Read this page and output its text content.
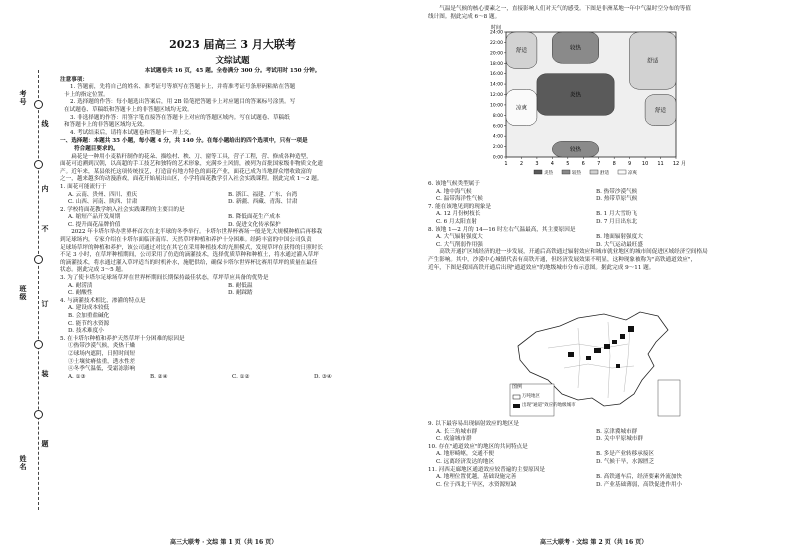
考号
班级
姓名
线
内
不
订
装
题
2023 届高三 3 月大联考
文综试题
本试题卷共 16 页，45 题。全卷满分 300 分。考试用时 150 分钟。
注意事项：
1. 答题前，先将自己的姓名、准考证号等填写在答题卡上，并将准考证号条形码粘贴在答题
卡上的指定位置。
2. 选择题的作答：每小题选出答案后，用 2B 铅笔把答题卡上对应题目的答案标号涂黑。写
在试题卷、草稿纸和答题卡上的非答题区域均无效。
3. 非选择题的作答：用签字笔直接答在答题卡上对应的答题区域内。写在试题卷、草稿纸
和答题卡上的非答题区域均无效。
4. 考试结束后，请将本试题卷和答题卡一并上交。
一、选择题：本题共 35 小题，每小题 4 分，共 140 分。在每小题给出的四个选项中，只有一项是
符合题目要求的。
　　扁花是一种用小麦秸秆制作的花朵、描绘村、秧、刀、窗等工具，营子工程，营、修成各种造型，
面花可追溯到汉朝，以高超的手工技艺和独特的艺术形象，充满乡土风情，被列为首批国家级非物质文化遗
产。近年来，某县依托这项传统技艺，打造富有地方特色的面花产业，面花已成为当地群众增收致富的
之一，越来越多的动漫游戏，面花开始展出山区，小学将面花教学引入社会实践课程。据此完成 1～2 题。
1. 面花可能流行于
A. 云南、贵州、四川、重庆	B. 浙江、福建、广东、台湾
C. 山西、河南、陕西、甘肃	D. 新疆、西藏、青海、甘肃
2. 学校将面花教学纳入社会实践课程的主要目的是
A. 缩短产品开发周期	B. 降低面花生产成本
C. 提升面花品牌价值	D. 促进文化传承保护
　　2022 年卡塔尔举办世界杯首次在北半球的冬季举行。卡塔尔世界杯赛场一般是先大规模种植后再移栽
到足球场内，专家介绍在卡塔尔面临济南库、天然草坪种植和养护十分困难。经跨丰富的中国公司负责
足球场草坪的种植和养护，该公司通过对比在其它在采用种植技术的光照模式，发现草坪在获得的日照时长
不足 3 小时，在草坪种植期间，公司采用了仿造的滴灌技术，选择优质草种和种植土，将水通过灌入草坪
的滴灌技术，将水通过灌入草坪适当的时机补水，施肥供给，确保卡塔尔世界杯比赛用草坪的质量在最佳
状态。据此完成 3～5 题。
3. 为了使卡塔尔足球场草坪在世界杯期间长期保持最佳状态，草坪草应具备的优势是
A. 耐涝渍	B. 耐低温
C. 耐酸性	D. 耐踩踏
4. 与滴灌技术相比，渗灌的特点是
A. 建设成本较低
B. 会加重盐碱化
C. 能节约水资源
D. 技术难度小
5. 在卡塔尔种植和养护天然草坪十分困难的原因是
①热带沙漠气候，炎热干燥
②球场内遮阴，日照时间短
③土壤贫瘠盐重，透水性差
④冬季气温低，受霜冻影响
A. ①③	B. ②④	C. ①②	D. ③④
高三大联考 · 文综 第 1 页（共 16 页）
　　气温是气候的核心要素之一，直接影响人们对天气的感受。下图是非洲某地一年中气温时空分布的等值
线计图。据此完成 6～8 题。
较热
较热
舒适
舒适
炎热
凉爽	舒适
0:00
2:00
4:00
6:00
8:00
10:00
12:00
14:00
16:00
18:00
20:00
22:00
24:00
1 2 3 4 5 6 7 8 9 10 11 12
时间
月
炎热	较热	舒适	凉爽
6. 该地气候类型属于
A. 地中海气候	B. 热带沙漠气候
C. 温带海洋性气候	D. 热带草原气候
7. 能在该地见到的现象是
A. 12 月份树枝长	B. 1 月大雪纷飞
C. 6 月太阳直射	D. 7 月日出东北
8. 该地 1—2 月的 14—16 时左右气温最高，其主要原因是
A. 大气辐射强度大	B. 地面辐射强度大
C. 大气削弱作用强	D. 大气运动最旺盛
　　高铁开通扩区域经济的进一步发展，开通后高铁通过辐射效应和城市就业地区的城市间促进区域经济空间格局
产生影响。其中，沙漠中心城镇代表有高铁开通，但经济发展效果不明显，这种现象被称为"高铁通道效应"，
近年，下图是我国高铁开通后出现"通道效应"的地级城市分布示意图。据此完成 9～11 题。
图例
万吨地区
出现"通道"效应的地级城市
9. 以下最容易出现辐射效应的地区是
A. 长三角城市群	B. 京津冀城市群
C. 成渝城市群	D. 关中平原城市群
10. 存在"通道效应"的地区的共同特点是
A. 地形崎岖，交通不便	B. 多是产业转移承接区
C. 远离经济发达的地区	D. 气候干旱，水源匮乏
11. 河西走廊地区通道效应较普遍的主要原因是
A. 地理位置优越，基础设施完善	B. 高铁通车后，经济要素外流加快
C. 位于西北干旱区，水资源短缺	D. 产业基础薄弱，高铁促进作用小
高三大联考 · 文综 第 2 页（共 16 页）
